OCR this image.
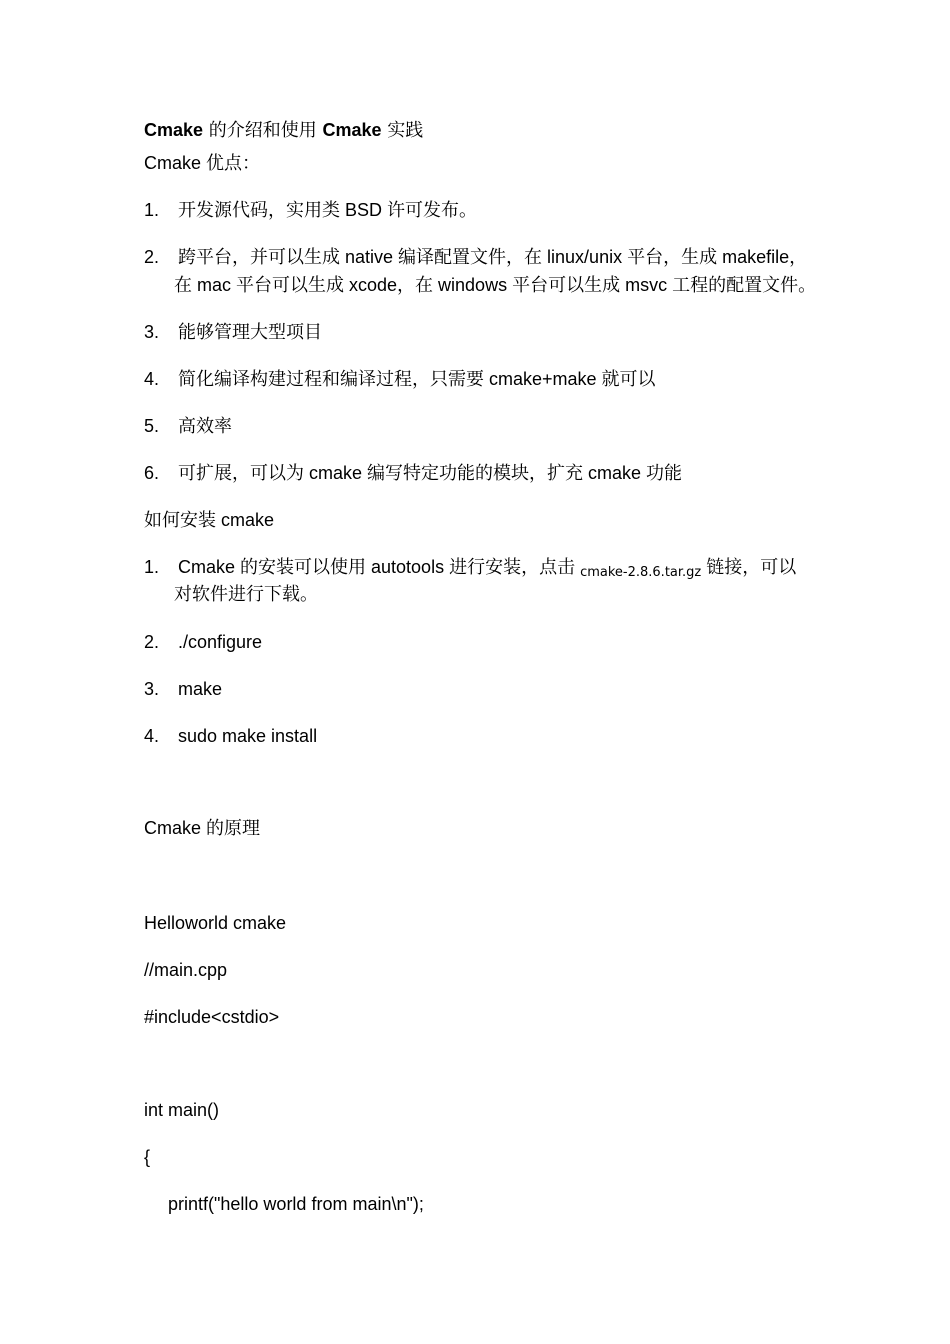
Cmake 的介绍和使用 Cmake 实践
Cmake 优点：
1. 开发源代码，实用类 BSD 许可发布。
2. 跨平台，并可以生成 native 编译配置文件，在 linux/unix 平台，生成 makefile，
在 mac 平台可以生成 xcode，在 windows 平台可以生成 msvc 工程的配置文件。
3. 能够管理大型项目
4. 简化编译构建过程和编译过程，只需要 cmake+make 就可以
5. 高效率
6. 可扩展，可以为 cmake 编写特定功能的模块，扩充 cmake 功能
如何安装 cmake
1. Cmake 的安装可以使用 autotools 进行安装，点击 cmake-2.8.6.tar.gz 链接，可以
对软件进行下载。
2. ./configure
3. make
4. sudo make install
Cmake 的原理
Helloworld cmake
//main.cpp
#include<cstdio>
int main()
{
printf("hello world from main\n");
